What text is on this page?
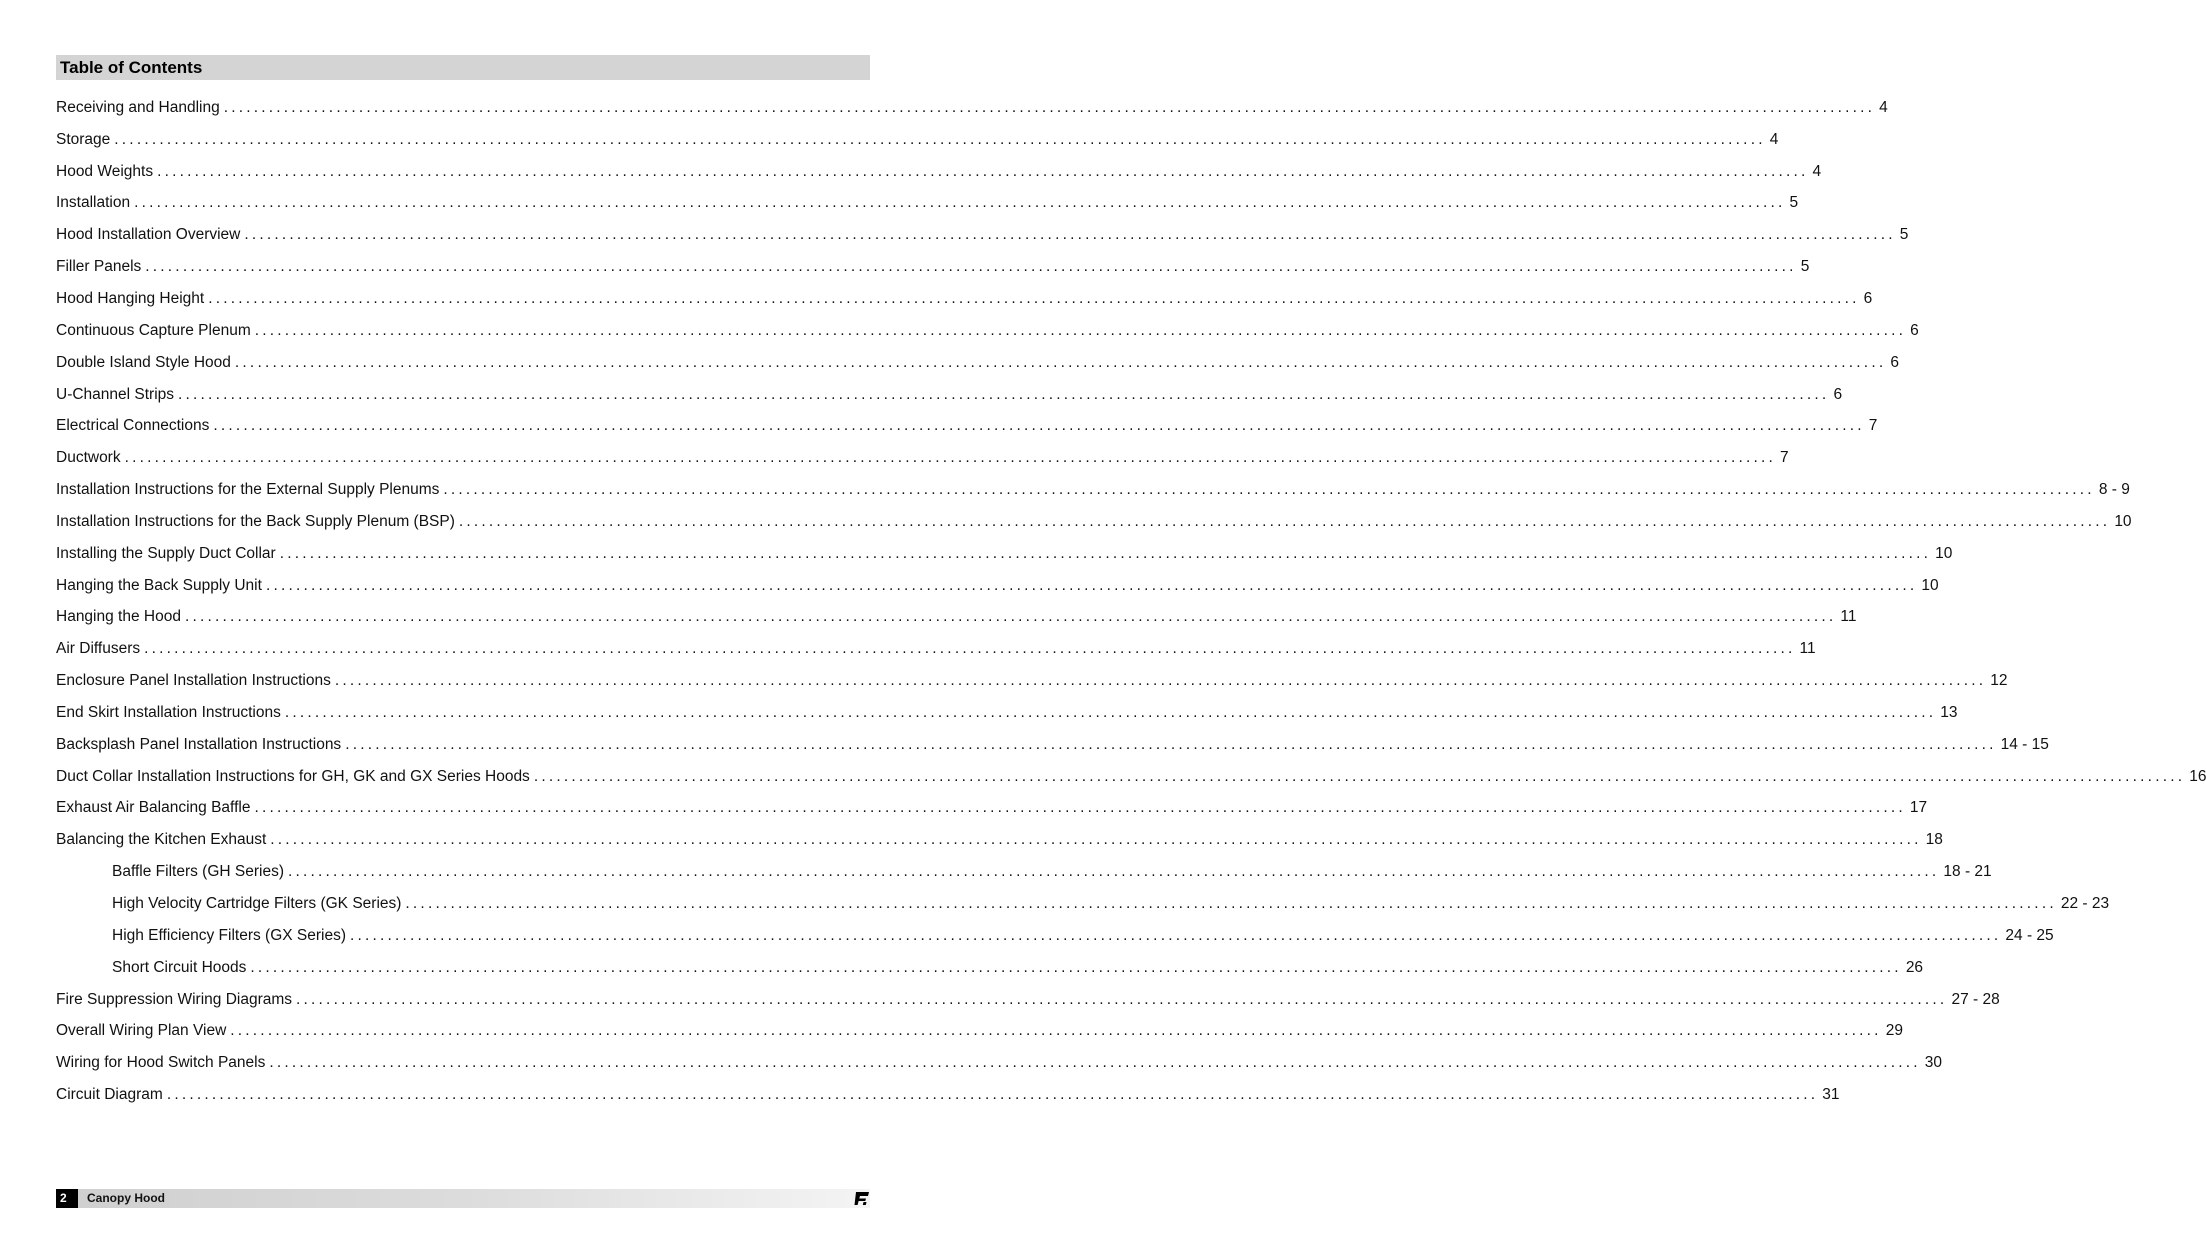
Table of Contents
Receiving and Handling ............................................................................................................................................................................................................................ 4
Storage ............................................................................................................................................................................................................................ 4
Hood Weights ............................................................................................................................................................................................................................ 4
Installation ............................................................................................................................................................................................................................ 5
Hood Installation Overview ............................................................................................................................................................................................................................ 5
Filler Panels ............................................................................................................................................................................................................................ 5
Hood Hanging Height ............................................................................................................................................................................................................................ 6
Continuous Capture Plenum ............................................................................................................................................................................................................................ 6
Double Island Style Hood ............................................................................................................................................................................................................................ 6
U-Channel Strips ............................................................................................................................................................................................................................ 6
Electrical Connections ............................................................................................................................................................................................................................ 7
Ductwork ............................................................................................................................................................................................................................ 7
Installation Instructions for the External Supply Plenums ............................................................................................................................................................................................................................ 8 - 9
Installation Instructions for the Back Supply Plenum (BSP) ............................................................................................................................................................................................................................ 10
Installing the Supply Duct Collar ............................................................................................................................................................................................................................ 10
Hanging the Back Supply Unit ............................................................................................................................................................................................................................ 10
Hanging the Hood ............................................................................................................................................................................................................................ 11
Air Diffusers ............................................................................................................................................................................................................................ 11
Enclosure Panel Installation Instructions ............................................................................................................................................................................................................................ 12
End Skirt Installation Instructions ............................................................................................................................................................................................................................ 13
Backsplash Panel Installation Instructions ............................................................................................................................................................................................................................ 14 - 15
Duct Collar Installation Instructions for GH, GK and GX Series Hoods ............................................................................................................................................................................................................................ 16
Exhaust Air Balancing Baffle ............................................................................................................................................................................................................................ 17
Balancing the Kitchen Exhaust ............................................................................................................................................................................................................................ 18
Baffle Filters (GH Series) ............................................................................................................................................................................................................................ 18 - 21
High Velocity Cartridge Filters (GK Series) ............................................................................................................................................................................................................................ 22 - 23
High Efficiency Filters (GX Series) ............................................................................................................................................................................................................................ 24 - 25
Short Circuit Hoods ............................................................................................................................................................................................................................ 26
Fire Suppression Wiring Diagrams ............................................................................................................................................................................................................................ 27 - 28
Overall Wiring Plan View ............................................................................................................................................................................................................................ 29
Wiring for Hood Switch Panels ............................................................................................................................................................................................................................ 30
Circuit Diagram ............................................................................................................................................................................................................................ 31
2	Canopy Hood
